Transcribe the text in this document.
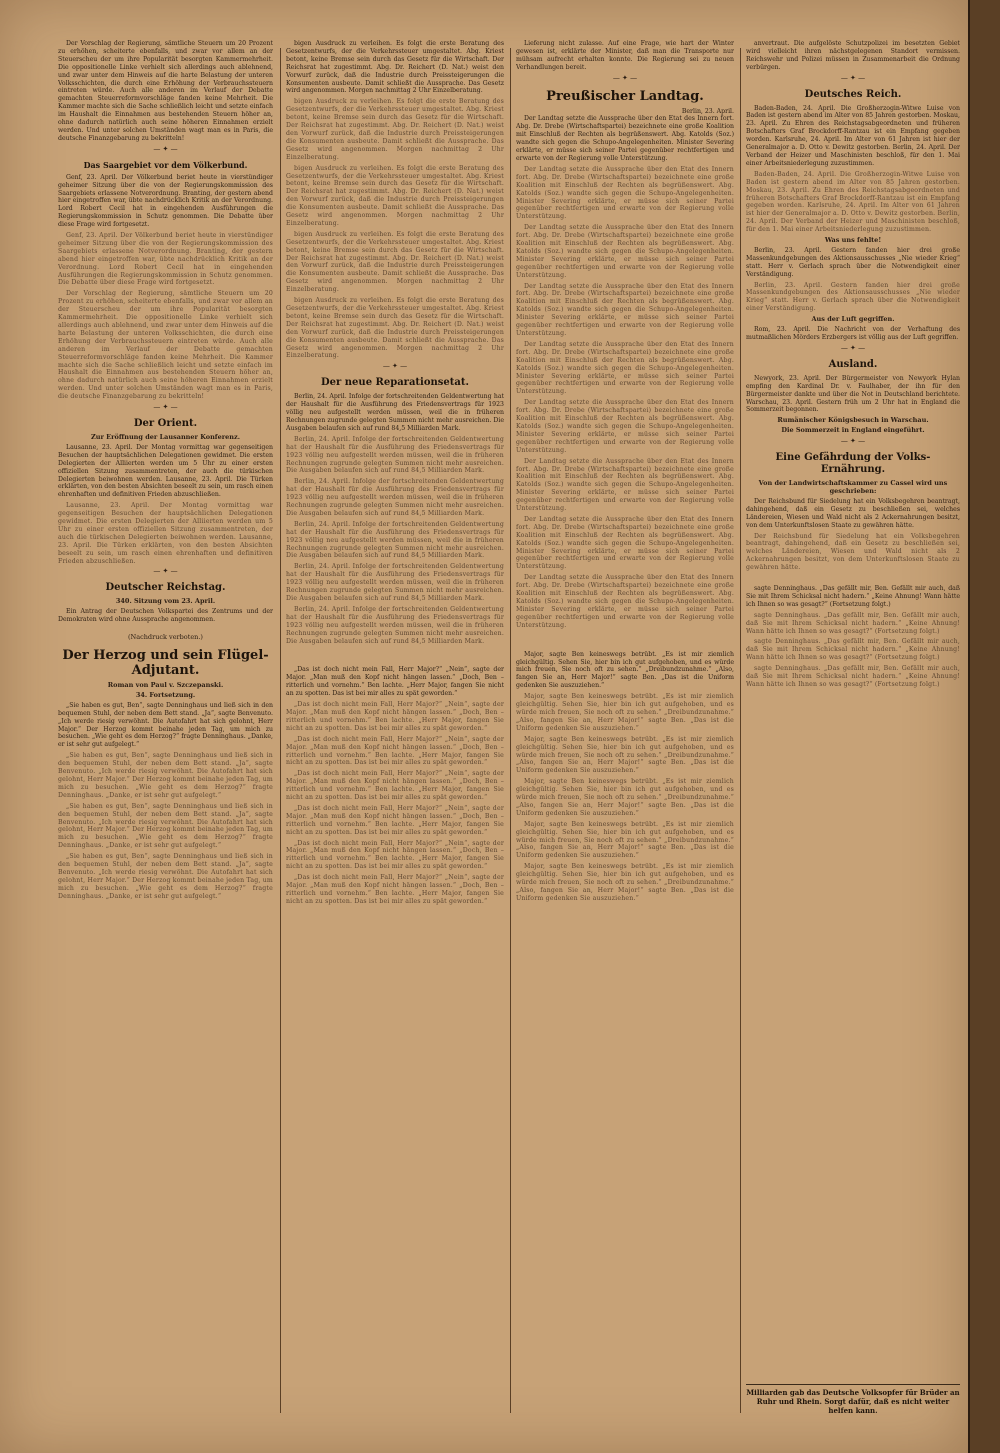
Der Vorschlag der Regierung, sämtliche Steuern um 20 Prozent zu erhöhen, scheiterte ebenfalls, und zwar vor allem an der Steuerscheu der um ihre Popularität besorgten Kammermehrheit. Die oppositionelle Linke verhielt sich allerdings auch ablehnend, und zwar unter dem Hinweis auf die harte Belastung der unteren Volksschichten, die durch eine Erhöhung der Verbrauchssteuern eintreten würde. Auch alle anderen im Verlauf der Debatte gemachten Steuerreformvorschläge fanden keine Mehrheit. Die Kammer machte sich die Sache schließlich leicht und setzte einfach im Haushalt die Einnahmen aus bestehenden Steuern höher an, ohne dadurch natürlich auch seine höheren Einnahmen erzielt werden. Und unter solchen Umständen wagt man es in Paris, die deutsche Finanzgebarung zu bekritteln!

— ✦ —
Das Saargebiet vor dem Völkerbund.

Genf, 23. April. Der Völkerbund beriet heute in vierstündiger geheimer Sitzung über die von der Regierungskommission des Saargebiets erlassene Notverordnung. Branting, der gestern abend hier eingetroffen war, übte nachdrücklich Kritik an der Verordnung. Lord Robert Cecil hat in eingehenden Ausführungen die Regierungskommission in Schutz genommen. Die Debatte über diese Frage wird fortgesetzt.

Genf, 23. April. Der Völkerbund beriet heute in vierstündiger geheimer Sitzung über die von der Regierungskommission des Saargebiets erlassene Notverordnung. Branting, der gestern abend hier eingetroffen war, übte nachdrücklich Kritik an der Verordnung. Lord Robert Cecil hat in eingehenden Ausführungen die Regierungskommission in Schutz genommen. Die Debatte über diese Frage wird fortgesetzt.

Der Vorschlag der Regierung, sämtliche Steuern um 20 Prozent zu erhöhen, scheiterte ebenfalls, und zwar vor allem an der Steuerscheu der um ihre Popularität besorgten Kammermehrheit. Die oppositionelle Linke verhielt sich allerdings auch ablehnend, und zwar unter dem Hinweis auf die harte Belastung der unteren Volksschichten, die durch eine Erhöhung der Verbrauchssteuern eintreten würde. Auch alle anderen im Verlauf der Debatte gemachten Steuerreformvorschläge fanden keine Mehrheit. Die Kammer machte sich die Sache schließlich leicht und setzte einfach im Haushalt die Einnahmen aus bestehenden Steuern höher an, ohne dadurch natürlich auch seine höheren Einnahmen erzielt werden. Und unter solchen Umständen wagt man es in Paris, die deutsche Finanzgebarung zu bekritteln!

— ✦ —
Der Orient.
Zur Eröffnung der Lausanner Konferenz.

Lausanne, 23. April. Der Montag vormittag war gegenseitigen Besuchen der hauptsächlichen Delegationen gewidmet. Die ersten Delegierten der Alliierten werden um 5 Uhr zu einer ersten offiziellen Sitzung zusammentreten, der auch die türkischen Delegierten beiwohnen werden. Lausanne, 23. April. Die Türken erklärten, von den besten Absichten beseelt zu sein, um rasch einen ehrenhaften und definitiven Frieden abzuschließen.

Lausanne, 23. April. Der Montag vormittag war gegenseitigen Besuchen der hauptsächlichen Delegationen gewidmet. Die ersten Delegierten der Alliierten werden um 5 Uhr zu einer ersten offiziellen Sitzung zusammentreten, der auch die türkischen Delegierten beiwohnen werden. Lausanne, 23. April. Die Türken erklärten, von den besten Absichten beseelt zu sein, um rasch einen ehrenhaften und definitiven Frieden abzuschließen.

— ✦ —
Deutscher Reichstag.
340. Sitzung vom 23. April.

Ein Antrag der Deutschen Volkspartei des Zentrums und der Demokraten wird ohne Aussprache angenommen.

(Nachdruck verboten.)
Der Herzog und sein Flügel-Adjutant.
Roman von Paul v. Szczepanski.
34. Fortsetzung.

„Sie haben es gut, Ben“, sagte Denninghaus und ließ sich in den bequemen Stuhl, der neben dem Bett stand. „Ja“, sagte Benvenuto. „Ich werde riesig verwöhnt. Die Autofahrt hat sich gelohnt, Herr Major.“ Der Herzog kommt beinahe jeden Tag, um mich zu besuchen. „Wie geht es dem Herzog?“ fragte Denninghaus. „Danke, er ist sehr gut aufgelegt.“

„Sie haben es gut, Ben“, sagte Denninghaus und ließ sich in den bequemen Stuhl, der neben dem Bett stand. „Ja“, sagte Benvenuto. „Ich werde riesig verwöhnt. Die Autofahrt hat sich gelohnt, Herr Major.“ Der Herzog kommt beinahe jeden Tag, um mich zu besuchen. „Wie geht es dem Herzog?“ fragte Denninghaus. „Danke, er ist sehr gut aufgelegt.“

„Sie haben es gut, Ben“, sagte Denninghaus und ließ sich in den bequemen Stuhl, der neben dem Bett stand. „Ja“, sagte Benvenuto. „Ich werde riesig verwöhnt. Die Autofahrt hat sich gelohnt, Herr Major.“ Der Herzog kommt beinahe jeden Tag, um mich zu besuchen. „Wie geht es dem Herzog?“ fragte Denninghaus. „Danke, er ist sehr gut aufgelegt.“

„Sie haben es gut, Ben“, sagte Denninghaus und ließ sich in den bequemen Stuhl, der neben dem Bett stand. „Ja“, sagte Benvenuto. „Ich werde riesig verwöhnt. Die Autofahrt hat sich gelohnt, Herr Major.“ Der Herzog kommt beinahe jeden Tag, um mich zu besuchen. „Wie geht es dem Herzog?“ fragte Denninghaus. „Danke, er ist sehr gut aufgelegt.“

bigen Ausdruck zu verleihen. Es folgt die erste Beratung des Gesetzentwurfs, der die Verkehrssteuer umgestaltet. Abg. Kriest betont, keine Bremse sein durch das Gesetz für die Wirtschaft. Der Reichsrat hat zugestimmt. Abg. Dr. Reichert (D. Nat.) weist den Vorwurf zurück, daß die Industrie durch Preissteigerungen die Konsumenten ausbeute. Damit schließt die Aussprache. Das Gesetz wird angenommen. Morgen nachmittag 2 Uhr Einzelberatung.

bigen Ausdruck zu verleihen. Es folgt die erste Beratung des Gesetzentwurfs, der die Verkehrssteuer umgestaltet. Abg. Kriest betont, keine Bremse sein durch das Gesetz für die Wirtschaft. Der Reichsrat hat zugestimmt. Abg. Dr. Reichert (D. Nat.) weist den Vorwurf zurück, daß die Industrie durch Preissteigerungen die Konsumenten ausbeute. Damit schließt die Aussprache. Das Gesetz wird angenommen. Morgen nachmittag 2 Uhr Einzelberatung.

bigen Ausdruck zu verleihen. Es folgt die erste Beratung des Gesetzentwurfs, der die Verkehrssteuer umgestaltet. Abg. Kriest betont, keine Bremse sein durch das Gesetz für die Wirtschaft. Der Reichsrat hat zugestimmt. Abg. Dr. Reichert (D. Nat.) weist den Vorwurf zurück, daß die Industrie durch Preissteigerungen die Konsumenten ausbeute. Damit schließt die Aussprache. Das Gesetz wird angenommen. Morgen nachmittag 2 Uhr Einzelberatung.

bigen Ausdruck zu verleihen. Es folgt die erste Beratung des Gesetzentwurfs, der die Verkehrssteuer umgestaltet. Abg. Kriest betont, keine Bremse sein durch das Gesetz für die Wirtschaft. Der Reichsrat hat zugestimmt. Abg. Dr. Reichert (D. Nat.) weist den Vorwurf zurück, daß die Industrie durch Preissteigerungen die Konsumenten ausbeute. Damit schließt die Aussprache. Das Gesetz wird angenommen. Morgen nachmittag 2 Uhr Einzelberatung.

bigen Ausdruck zu verleihen. Es folgt die erste Beratung des Gesetzentwurfs, der die Verkehrssteuer umgestaltet. Abg. Kriest betont, keine Bremse sein durch das Gesetz für die Wirtschaft. Der Reichsrat hat zugestimmt. Abg. Dr. Reichert (D. Nat.) weist den Vorwurf zurück, daß die Industrie durch Preissteigerungen die Konsumenten ausbeute. Damit schließt die Aussprache. Das Gesetz wird angenommen. Morgen nachmittag 2 Uhr Einzelberatung.

— ✦ —
Der neue Reparationsetat.

Berlin, 24. April. Infolge der fortschreitenden Geldentwertung hat der Haushalt für die Ausführung des Friedensvertrags für 1923 völlig neu aufgestellt werden müssen, weil die in früheren Rechnungen zugrunde gelegten Summen nicht mehr ausreichen. Die Ausgaben belaufen sich auf rund 84,5 Milliarden Mark.

Berlin, 24. April. Infolge der fortschreitenden Geldentwertung hat der Haushalt für die Ausführung des Friedensvertrags für 1923 völlig neu aufgestellt werden müssen, weil die in früheren Rechnungen zugrunde gelegten Summen nicht mehr ausreichen. Die Ausgaben belaufen sich auf rund 84,5 Milliarden Mark.

Berlin, 24. April. Infolge der fortschreitenden Geldentwertung hat der Haushalt für die Ausführung des Friedensvertrags für 1923 völlig neu aufgestellt werden müssen, weil die in früheren Rechnungen zugrunde gelegten Summen nicht mehr ausreichen. Die Ausgaben belaufen sich auf rund 84,5 Milliarden Mark.

Berlin, 24. April. Infolge der fortschreitenden Geldentwertung hat der Haushalt für die Ausführung des Friedensvertrags für 1923 völlig neu aufgestellt werden müssen, weil die in früheren Rechnungen zugrunde gelegten Summen nicht mehr ausreichen. Die Ausgaben belaufen sich auf rund 84,5 Milliarden Mark.

Berlin, 24. April. Infolge der fortschreitenden Geldentwertung hat der Haushalt für die Ausführung des Friedensvertrags für 1923 völlig neu aufgestellt werden müssen, weil die in früheren Rechnungen zugrunde gelegten Summen nicht mehr ausreichen. Die Ausgaben belaufen sich auf rund 84,5 Milliarden Mark.

Berlin, 24. April. Infolge der fortschreitenden Geldentwertung hat der Haushalt für die Ausführung des Friedensvertrags für 1923 völlig neu aufgestellt werden müssen, weil die in früheren Rechnungen zugrunde gelegten Summen nicht mehr ausreichen. Die Ausgaben belaufen sich auf rund 84,5 Milliarden Mark.

„Das ist doch nicht mein Fall, Herr Major?“ „Nein“, sagte der Major. „Man muß den Kopf nicht hängen lassen.“ „Doch, Ben – ritterlich und vornehm.“ Ben lachte. „Herr Major, fangen Sie nicht an zu spotten. Das ist bei mir alles zu spät geworden.“

„Das ist doch nicht mein Fall, Herr Major?“ „Nein“, sagte der Major. „Man muß den Kopf nicht hängen lassen.“ „Doch, Ben – ritterlich und vornehm.“ Ben lachte. „Herr Major, fangen Sie nicht an zu spotten. Das ist bei mir alles zu spät geworden.“

„Das ist doch nicht mein Fall, Herr Major?“ „Nein“, sagte der Major. „Man muß den Kopf nicht hängen lassen.“ „Doch, Ben – ritterlich und vornehm.“ Ben lachte. „Herr Major, fangen Sie nicht an zu spotten. Das ist bei mir alles zu spät geworden.“

„Das ist doch nicht mein Fall, Herr Major?“ „Nein“, sagte der Major. „Man muß den Kopf nicht hängen lassen.“ „Doch, Ben – ritterlich und vornehm.“ Ben lachte. „Herr Major, fangen Sie nicht an zu spotten. Das ist bei mir alles zu spät geworden.“

„Das ist doch nicht mein Fall, Herr Major?“ „Nein“, sagte der Major. „Man muß den Kopf nicht hängen lassen.“ „Doch, Ben – ritterlich und vornehm.“ Ben lachte. „Herr Major, fangen Sie nicht an zu spotten. Das ist bei mir alles zu spät geworden.“

„Das ist doch nicht mein Fall, Herr Major?“ „Nein“, sagte der Major. „Man muß den Kopf nicht hängen lassen.“ „Doch, Ben – ritterlich und vornehm.“ Ben lachte. „Herr Major, fangen Sie nicht an zu spotten. Das ist bei mir alles zu spät geworden.“

„Das ist doch nicht mein Fall, Herr Major?“ „Nein“, sagte der Major. „Man muß den Kopf nicht hängen lassen.“ „Doch, Ben – ritterlich und vornehm.“ Ben lachte. „Herr Major, fangen Sie nicht an zu spotten. Das ist bei mir alles zu spät geworden.“

Lieferung nicht zulasse. Auf eine Frage, wie hart der Winter gewesen ist, erklärte der Minister, daß man die Transporte nur mühsam aufrecht erhalten konnte. Die Regierung sei zu neuen Verhandlungen bereit.

— ✦ —
Preußischer Landtag.
Berlin, 23. April.

Der Landtag setzte die Aussprache über den Etat des Innern fort. Abg. Dr. Drebe (Wirtschaftspartei) bezeichnete eine große Koalition mit Einschluß der Rechten als begrüßenswert. Abg. Katolds (Soz.) wandte sich gegen die Schupo-Angelegenheiten. Minister Severing erklärte, er müsse sich seiner Partei gegenüber rechtfertigen und erwarte von der Regierung volle Unterstützung.

Der Landtag setzte die Aussprache über den Etat des Innern fort. Abg. Dr. Drebe (Wirtschaftspartei) bezeichnete eine große Koalition mit Einschluß der Rechten als begrüßenswert. Abg. Katolds (Soz.) wandte sich gegen die Schupo-Angelegenheiten. Minister Severing erklärte, er müsse sich seiner Partei gegenüber rechtfertigen und erwarte von der Regierung volle Unterstützung.

Der Landtag setzte die Aussprache über den Etat des Innern fort. Abg. Dr. Drebe (Wirtschaftspartei) bezeichnete eine große Koalition mit Einschluß der Rechten als begrüßenswert. Abg. Katolds (Soz.) wandte sich gegen die Schupo-Angelegenheiten. Minister Severing erklärte, er müsse sich seiner Partei gegenüber rechtfertigen und erwarte von der Regierung volle Unterstützung.

Der Landtag setzte die Aussprache über den Etat des Innern fort. Abg. Dr. Drebe (Wirtschaftspartei) bezeichnete eine große Koalition mit Einschluß der Rechten als begrüßenswert. Abg. Katolds (Soz.) wandte sich gegen die Schupo-Angelegenheiten. Minister Severing erklärte, er müsse sich seiner Partei gegenüber rechtfertigen und erwarte von der Regierung volle Unterstützung.

Der Landtag setzte die Aussprache über den Etat des Innern fort. Abg. Dr. Drebe (Wirtschaftspartei) bezeichnete eine große Koalition mit Einschluß der Rechten als begrüßenswert. Abg. Katolds (Soz.) wandte sich gegen die Schupo-Angelegenheiten. Minister Severing erklärte, er müsse sich seiner Partei gegenüber rechtfertigen und erwarte von der Regierung volle Unterstützung.

Der Landtag setzte die Aussprache über den Etat des Innern fort. Abg. Dr. Drebe (Wirtschaftspartei) bezeichnete eine große Koalition mit Einschluß der Rechten als begrüßenswert. Abg. Katolds (Soz.) wandte sich gegen die Schupo-Angelegenheiten. Minister Severing erklärte, er müsse sich seiner Partei gegenüber rechtfertigen und erwarte von der Regierung volle Unterstützung.

Der Landtag setzte die Aussprache über den Etat des Innern fort. Abg. Dr. Drebe (Wirtschaftspartei) bezeichnete eine große Koalition mit Einschluß der Rechten als begrüßenswert. Abg. Katolds (Soz.) wandte sich gegen die Schupo-Angelegenheiten. Minister Severing erklärte, er müsse sich seiner Partei gegenüber rechtfertigen und erwarte von der Regierung volle Unterstützung.

Der Landtag setzte die Aussprache über den Etat des Innern fort. Abg. Dr. Drebe (Wirtschaftspartei) bezeichnete eine große Koalition mit Einschluß der Rechten als begrüßenswert. Abg. Katolds (Soz.) wandte sich gegen die Schupo-Angelegenheiten. Minister Severing erklärte, er müsse sich seiner Partei gegenüber rechtfertigen und erwarte von der Regierung volle Unterstützung.

Der Landtag setzte die Aussprache über den Etat des Innern fort. Abg. Dr. Drebe (Wirtschaftspartei) bezeichnete eine große Koalition mit Einschluß der Rechten als begrüßenswert. Abg. Katolds (Soz.) wandte sich gegen die Schupo-Angelegenheiten. Minister Severing erklärte, er müsse sich seiner Partei gegenüber rechtfertigen und erwarte von der Regierung volle Unterstützung.

Major, sagte Ben keineswegs betrübt. „Es ist mir ziemlich gleichgültig. Sehen Sie, hier bin ich gut aufgehoben, und es würde mich freuen, Sie noch oft zu sehen.“ „Dreibundzunahme.“ „Also, fangen Sie an, Herr Major!“ sagte Ben. „Das ist die Uniform gedenken Sie auszuziehen.“

Major, sagte Ben keineswegs betrübt. „Es ist mir ziemlich gleichgültig. Sehen Sie, hier bin ich gut aufgehoben, und es würde mich freuen, Sie noch oft zu sehen.“ „Dreibundzunahme.“ „Also, fangen Sie an, Herr Major!“ sagte Ben. „Das ist die Uniform gedenken Sie auszuziehen.“

Major, sagte Ben keineswegs betrübt. „Es ist mir ziemlich gleichgültig. Sehen Sie, hier bin ich gut aufgehoben, und es würde mich freuen, Sie noch oft zu sehen.“ „Dreibundzunahme.“ „Also, fangen Sie an, Herr Major!“ sagte Ben. „Das ist die Uniform gedenken Sie auszuziehen.“

Major, sagte Ben keineswegs betrübt. „Es ist mir ziemlich gleichgültig. Sehen Sie, hier bin ich gut aufgehoben, und es würde mich freuen, Sie noch oft zu sehen.“ „Dreibundzunahme.“ „Also, fangen Sie an, Herr Major!“ sagte Ben. „Das ist die Uniform gedenken Sie auszuziehen.“

Major, sagte Ben keineswegs betrübt. „Es ist mir ziemlich gleichgültig. Sehen Sie, hier bin ich gut aufgehoben, und es würde mich freuen, Sie noch oft zu sehen.“ „Dreibundzunahme.“ „Also, fangen Sie an, Herr Major!“ sagte Ben. „Das ist die Uniform gedenken Sie auszuziehen.“

Major, sagte Ben keineswegs betrübt. „Es ist mir ziemlich gleichgültig. Sehen Sie, hier bin ich gut aufgehoben, und es würde mich freuen, Sie noch oft zu sehen.“ „Dreibundzunahme.“ „Also, fangen Sie an, Herr Major!“ sagte Ben. „Das ist die Uniform gedenken Sie auszuziehen.“

anvertraut. Die aufgelöste Schutzpolizei im besetzten Gebiet wird vielleicht ihren nächstgelegenen Standort vermissen. Reichswehr und Polizei müssen in Zusammenarbeit die Ordnung verbürgen.

— ✦ —
Deutsches Reich.

Baden-Baden, 24. April. Die Großherzogin-Witwe Luise von Baden ist gestern abend im Alter von 85 Jahren gestorben. Moskau, 23. April. Zu Ehren des Reichstagsabgeordneten und früheren Botschafters Graf Brockdorff-Rantzau ist ein Empfang gegeben worden. Karlsruhe, 24. April. Im Alter von 61 Jahren ist hier der Generalmajor a. D. Otto v. Dewitz gestorben. Berlin, 24. April. Der Verband der Heizer und Maschinisten beschloß, für den 1. Mai einer Arbeitsniederlegung zuzustimmen.

Baden-Baden, 24. April. Die Großherzogin-Witwe Luise von Baden ist gestern abend im Alter von 85 Jahren gestorben. Moskau, 23. April. Zu Ehren des Reichstagsabgeordneten und früheren Botschafters Graf Brockdorff-Rantzau ist ein Empfang gegeben worden. Karlsruhe, 24. April. Im Alter von 61 Jahren ist hier der Generalmajor a. D. Otto v. Dewitz gestorben. Berlin, 24. April. Der Verband der Heizer und Maschinisten beschloß, für den 1. Mai einer Arbeitsniederlegung zuzustimmen.

Was uns fehlte!

Berlin, 23. April. Gestern fanden hier drei große Massenkundgebungen des Aktionsausschusses „Nie wieder Krieg“ statt. Herr v. Gerlach sprach über die Notwendigkeit einer Verständigung.

Berlin, 23. April. Gestern fanden hier drei große Massenkundgebungen des Aktionsausschusses „Nie wieder Krieg“ statt. Herr v. Gerlach sprach über die Notwendigkeit einer Verständigung.

Aus der Luft gegriffen.

Rom, 23. April. Die Nachricht von der Verhaftung des mutmaßlichen Mörders Erzbergers ist völlig aus der Luft gegriffen.

— ✦ —
Ausland.

Newyork, 23. April. Der Bürgermeister von Newyork Hylan empfing den Kardinal Dr. v. Faulhaber, der ihn für den Bürgermeister dankte und über die Not in Deutschland berichtete. Warschau, 23. April. Gestern früh um 2 Uhr hat in England die Sommerzeit begonnen.

Rumänischer Königsbesuch in Warschau.
Die Sommerzeit in England eingeführt.
— ✦ —
Eine Gefährdung der Volks-Ernährung.
Von der Landwirtschaftskammer zu Cassel wird uns geschrieben:

Der Reichsbund für Siedelung hat ein Volksbegehren beantragt, dahingehend, daß ein Gesetz zu beschließen sei, welches Ländereien, Wiesen und Wald nicht als 2 Ackernahrungen besitzt, von dem Unterkunftslosen Staate zu gewähren hätte.

Der Reichsbund für Siedelung hat ein Volksbegehren beantragt, dahingehend, daß ein Gesetz zu beschließen sei, welches Ländereien, Wiesen und Wald nicht als 2 Ackernahrungen besitzt, von dem Unterkunftslosen Staate zu gewähren hätte.

sagte Denninghaus. „Das gefällt mir, Ben. Gefällt mir auch, daß Sie mit Ihrem Schicksal nicht hadern.“ „Keine Ahnung! Wann hätte ich Ihnen so was gesagt?“ (Fortsetzung folgt.)

sagte Denninghaus. „Das gefällt mir, Ben. Gefällt mir auch, daß Sie mit Ihrem Schicksal nicht hadern.“ „Keine Ahnung! Wann hätte ich Ihnen so was gesagt?“ (Fortsetzung folgt.)

sagte Denninghaus. „Das gefällt mir, Ben. Gefällt mir auch, daß Sie mit Ihrem Schicksal nicht hadern.“ „Keine Ahnung! Wann hätte ich Ihnen so was gesagt?“ (Fortsetzung folgt.)

sagte Denninghaus. „Das gefällt mir, Ben. Gefällt mir auch, daß Sie mit Ihrem Schicksal nicht hadern.“ „Keine Ahnung! Wann hätte ich Ihnen so was gesagt?“ (Fortsetzung folgt.)

Milliarden gab das Deutsche Volksopfer für Brüder an Ruhr und Rhein. Sorgt dafür, daß es nicht weiter helfen kann.
